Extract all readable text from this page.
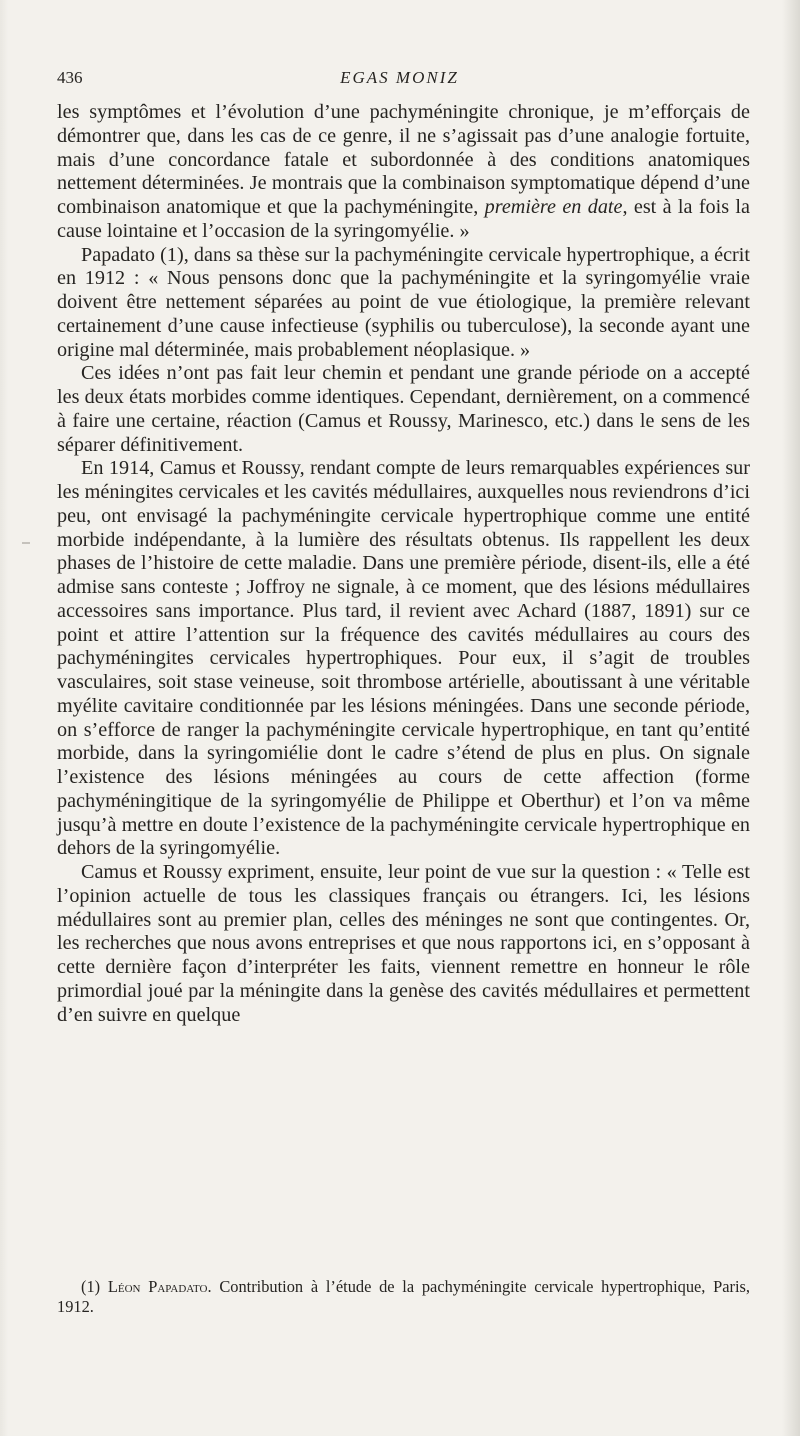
436	EGAS MONIZ

les symptômes et l’évolution d’une pachyméningite chronique, je m’efforçais de démontrer que, dans les cas de ce genre, il ne s’agissait pas d’une analogie fortuite, mais d’une concordance fatale et subordonnée à des conditions anatomiques nettement déterminées. Je montrais que la combinaison symptomatique dépend d’une combinaison anatomique et que la pachyméningite, première en date, est à la fois la cause lointaine et l’occasion de la syringomyélie. »

Papadato (1), dans sa thèse sur la pachyméningite cervicale hypertrophique, a écrit en 1912 : « Nous pensons donc que la pachyméningite et la syringomyélie vraie doivent être nettement séparées au point de vue étiologique, la première relevant certainement d’une cause infectieuse (syphilis ou tuberculose), la seconde ayant une origine mal déterminée, mais probablement néoplasique. »

Ces idées n’ont pas fait leur chemin et pendant une grande période on a accepté les deux états morbides comme identiques. Cependant, dernièrement, on a commencé à faire une certaine, réaction (Camus et Roussy, Marinesco, etc.) dans le sens de les séparer définitivement.

En 1914, Camus et Roussy, rendant compte de leurs remarquables expériences sur les méningites cervicales et les cavités médullaires, auxquelles nous reviendrons d’ici peu, ont envisagé la pachyméningite cervicale hypertrophique comme une entité morbide indépendante, à la lumière des résultats obtenus. Ils rappellent les deux phases de l’histoire de cette maladie. Dans une première période, disent-ils, elle a été admise sans conteste ; Joffroy ne signale, à ce moment, que des lésions médullaires accessoires sans importance. Plus tard, il revient avec Achard (1887, 1891) sur ce point et attire l’attention sur la fréquence des cavités médullaires au cours des pachyméningites cervicales hypertrophiques. Pour eux, il s’agit de troubles vasculaires, soit stase veineuse, soit thrombose artérielle, aboutissant à une véritable myélite cavitaire conditionnée par les lésions méningées. Dans une seconde période, on s’efforce de ranger la pachyméningite cervicale hypertrophique, en tant qu’entité morbide, dans la syringomiélie dont le cadre s’étend de plus en plus. On signale l’existence des lésions méningées au cours de cette affection (forme pachyméningitique de la syringomyélie de Philippe et Oberthur) et l’on va même jusqu’à mettre en doute l’existence de la pachyméningite cervicale hypertrophique en dehors de la syringomyélie.

Camus et Roussy expriment, ensuite, leur point de vue sur la question : « Telle est l’opinion actuelle de tous les classiques français ou étrangers. Ici, les lésions médullaires sont au premier plan, celles des méninges ne sont que contingentes. Or, les recherches que nous avons entreprises et que nous rapportons ici, en s’opposant à cette dernière façon d’interpréter les faits, viennent remettre en honneur le rôle primordial joué par la méningite dans la genèse des cavités médullaires et permettent d’en suivre en quelque

(1) Léon Papadato. Contribution à l’étude de la pachyméningite cervicale hypertrophique, Paris, 1912.
